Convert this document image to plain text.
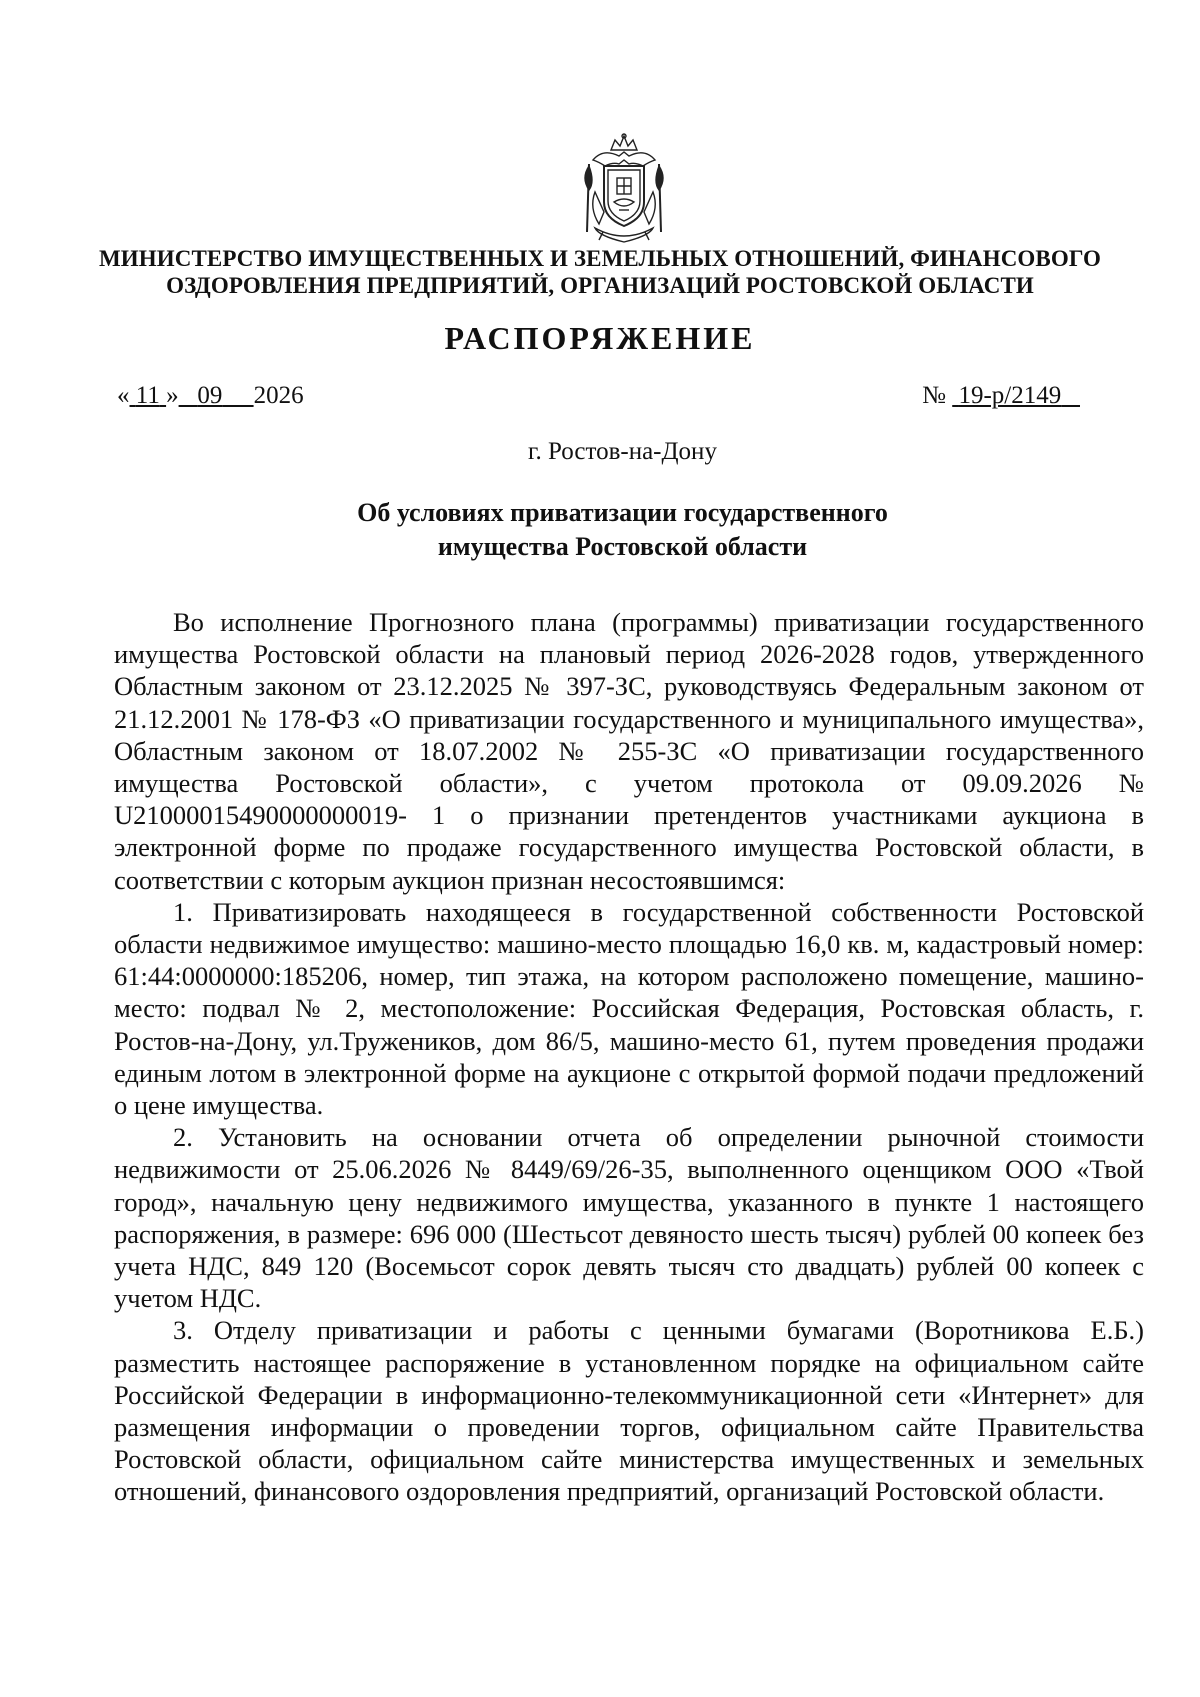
МИНИСТЕРСТВО ИМУЩЕСТВЕННЫХ И ЗЕМЕЛЬНЫХ ОТНОШЕНИЙ, ФИНАНСОВОГО
ОЗДОРОВЛЕНИЯ ПРЕДПРИЯТИЙ, ОРГАНИЗАЦИЙ РОСТОВСКОЙ ОБЛАСТИ
РАСПОРЯЖЕНИЕ
« 11 » 09 2026	№ 19-р/2149
г. Ростов-на-Дону
Об условиях приватизации государственного
имущества Ростовской области

Во исполнение Прогнозного плана (программы) приватизации государственного имущества Ростовской области на плановый период 2026-2028 годов, утвержденного Областным законом от 23.12.2025 № 397-ЗС, руководствуясь Федеральным законом от 21.12.2001 № 178-ФЗ «О приватизации государственного и муниципального имущества», Областным законом от 18.07.2002 № 255-ЗС «О приватизации государственного имущества Ростовской области», с учетом протокола от 09.09.2026 № U21000015490000000019- 1 о признании претендентов участниками аукциона в электронной форме по продаже государственного имущества Ростовской области, в соответствии с которым аукцион признан несостоявшимся:

1. Приватизировать находящееся в государственной собственности Ростовской области недвижимое имущество: машино-место площадью 16,0 кв. м, кадастровый номер: 61:44:0000000:185206, номер, тип этажа, на котором расположено помещение, машино-место: подвал № 2, местоположение: Российская Федерация, Ростовская область, г. Ростов-на-Дону, ул.Тружеников, дом 86/5, машино-место 61, путем проведения продажи единым лотом в электронной форме на аукционе с открытой формой подачи предложений о цене имущества.

2. Установить на основании отчета об определении рыночной стоимости недвижимости от 25.06.2026 № 8449/69/26-35, выполненного оценщиком ООО «Твой город», начальную цену недвижимого имущества, указанного в пункте 1 настоящего распоряжения, в размере: 696 000 (Шестьсот девяносто шесть тысяч) рублей 00 копеек без учета НДС, 849 120 (Восемьсот сорок девять тысяч сто двадцать) рублей 00 копеек с учетом НДС.

3. Отделу приватизации и работы с ценными бумагами (Воротникова Е.Б.) разместить настоящее распоряжение в установленном порядке на официальном сайте Российской Федерации в информационно-телекоммуникационной сети «Интернет» для размещения информации о проведении торгов, официальном сайте Правительства Ростовской области, официальном сайте министерства имущественных и земельных отношений, финансового оздоровления предприятий, организаций Ростовской области.
